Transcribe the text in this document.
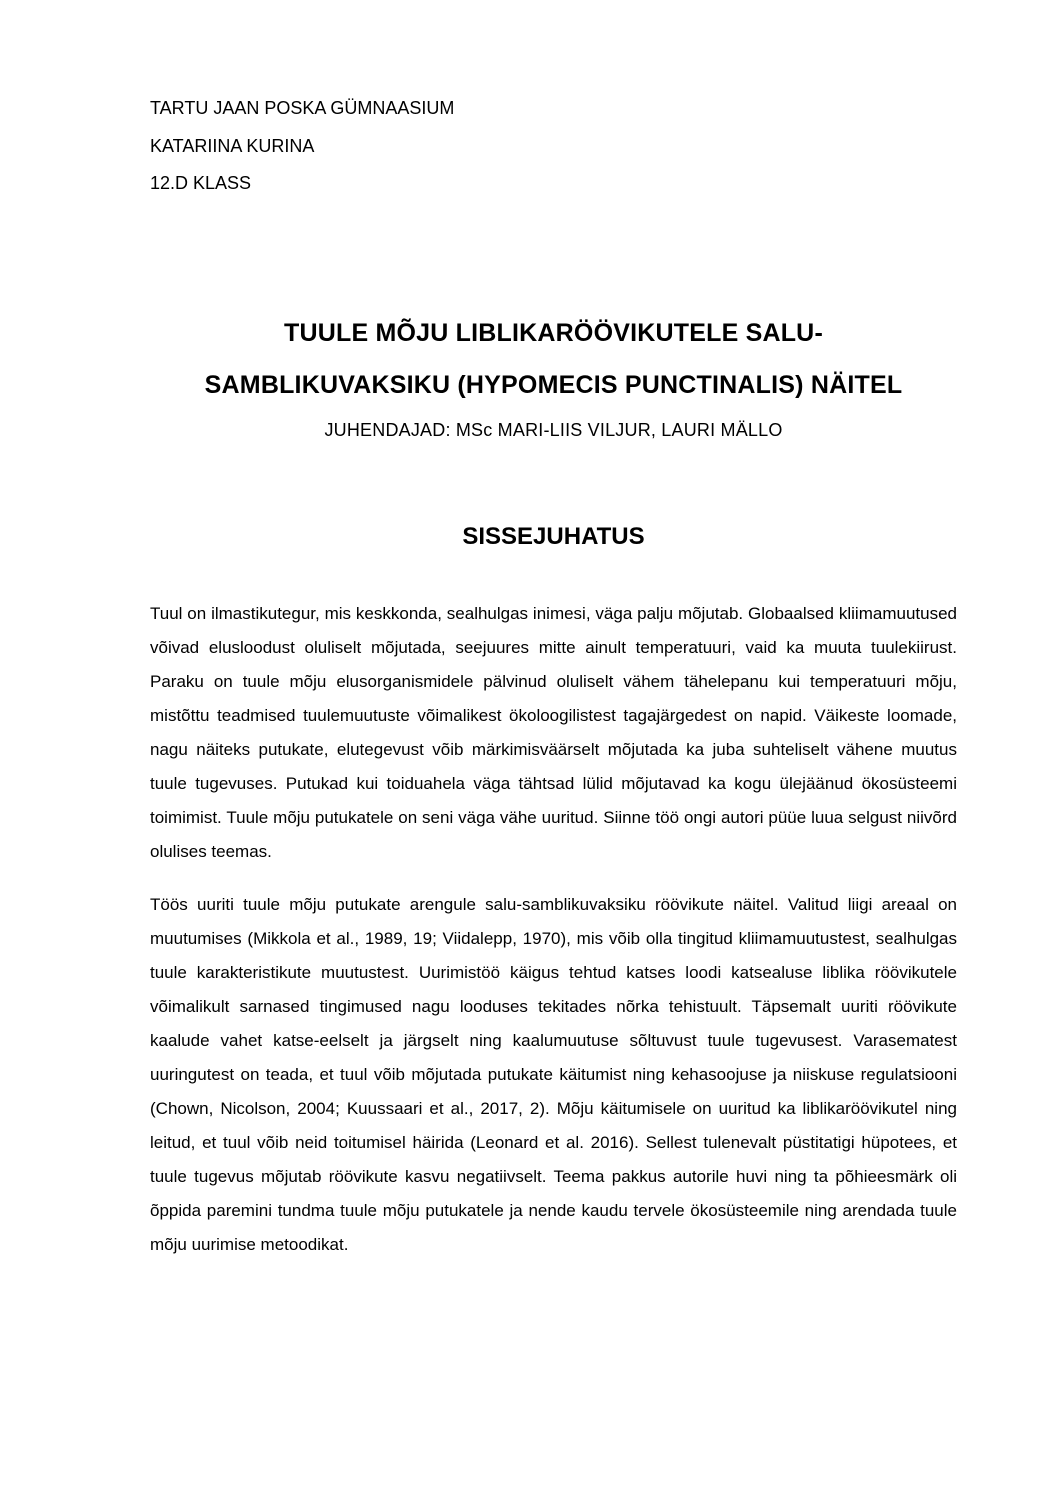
TARTU JAAN POSKA GÜMNAASIUM
KATARIINA KURINA
12.D KLASS
TUULE MÕJU LIBLIKARÖÖVIKUTELE SALU-
SAMBLIKUVAKSIKU (HYPOMECIS PUNCTINALIS) NÄITEL
JUHENDAJAD: MSc MARI-LIIS VILJUR, LAURI MÄLLO
SISSEJUHATUS

Tuul on ilmastikutegur, mis keskkonda, sealhulgas inimesi, väga palju mõjutab. Globaalsed kliimamuutused võivad elusloodust oluliselt mõjutada, seejuures mitte ainult temperatuuri, vaid ka muuta tuulekiirust. Paraku on tuule mõju elusorganismidele pälvinud oluliselt vähem tähelepanu kui temperatuuri mõju, mistõttu teadmised tuulemuutuste võimalikest ökoloogilistest tagajärgedest on napid. Väikeste loomade, nagu näiteks putukate, elutegevust võib märkimisväärselt mõjutada ka juba suhteliselt vähene muutus tuule tugevuses. Putukad kui toiduahela väga tähtsad lülid mõjutavad ka kogu ülejäänud ökosüsteemi toimimist. Tuule mõju putukatele on seni väga vähe uuritud. Siinne töö ongi autori püüe luua selgust niivõrd olulises teemas.

Töös uuriti tuule mõju putukate arengule salu-samblikuvaksiku röövikute näitel. Valitud liigi areaal on muutumises (Mikkola et al., 1989, 19; Viidalepp, 1970), mis võib olla tingitud kliimamuutustest, sealhulgas tuule karakteristikute muutustest. Uurimistöö käigus tehtud katses loodi katsealuse liblika röövikutele võimalikult sarnased tingimused nagu looduses tekitades nõrka tehistuult. Täpsemalt uuriti röövikute kaalude vahet katse-eelselt ja järgselt ning kaalumuutuse sõltuvust tuule tugevusest. Varasematest uuringutest on teada, et tuul võib mõjutada putukate käitumist ning kehasoojuse ja niiskuse regulatsiooni (Chown, Nicolson, 2004; Kuussaari et al., 2017, 2). Mõju käitumisele on uuritud ka liblikaröövikutel ning leitud, et tuul võib neid toitumisel häirida (Leonard et al. 2016). Sellest tulenevalt püstitatigi hüpotees, et tuule tugevus mõjutab röövikute kasvu negatiivselt. Teema pakkus autorile huvi ning ta põhieesmärk oli õppida paremini tundma tuule mõju putukatele ja nende kaudu tervele ökosüsteemile ning arendada tuule mõju uurimise metoodikat.
